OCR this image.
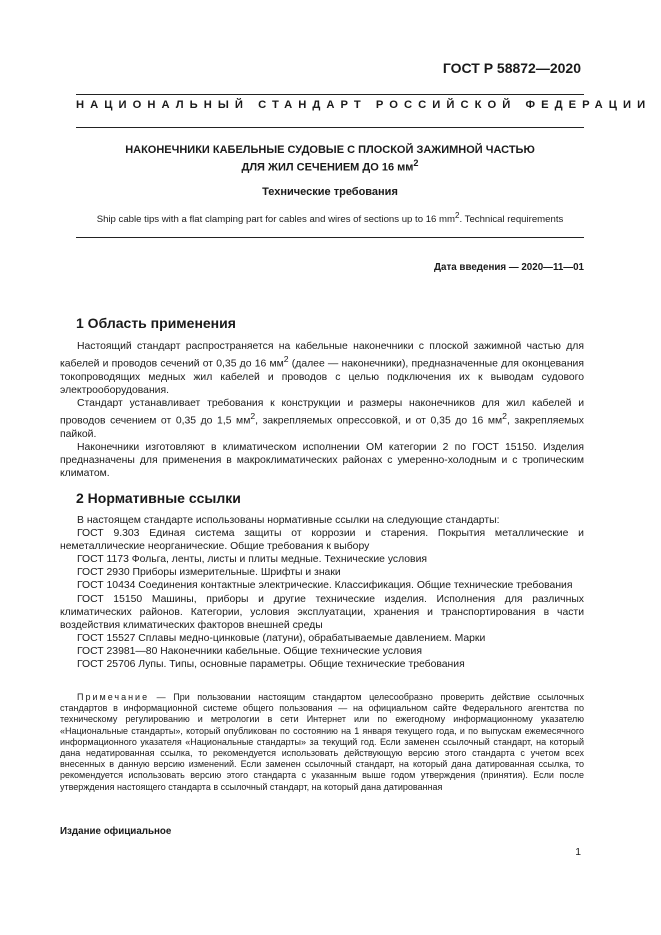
ГОСТ Р 58872—2020
НАЦИОНАЛЬНЫЙ СТАНДАРТ РОССИЙСКОЙ ФЕДЕРАЦИИ
НАКОНЕЧНИКИ КАБЕЛЬНЫЕ СУДОВЫЕ С ПЛОСКОЙ ЗАЖИМНОЙ ЧАСТЬЮ
ДЛЯ ЖИЛ СЕЧЕНИЕМ ДО 16 $мм^2$
Технические требования
Ship cable tips with a flat clamping part for cables and wires of sections up to 16 $mm^2$. Technical requirements
Дата введения — 2020—11—01
1 Область применения

Настоящий стандарт распространяется на кабельные наконечники с плоской зажимной частью для кабелей и проводов сечений от 0,35 до 16 $мм^2$ (далее — наконечники), предназначенные для оконцевания токопроводящих медных жил кабелей и проводов с целью подключения их к выводам судового электрооборудования.

Стандарт устанавливает требования к конструкции и размеры наконечников для жил кабелей и проводов сечением от 0,35 до 1,5 $мм^2$, закрепляемых опрессовкой, и от 0,35 до 16 $мм^2$, закрепляемых пайкой.

Наконечники изготовляют в климатическом исполнении ОМ категории 2 по ГОСТ 15150. Изделия предназначены для применения в макроклиматических районах с умеренно-холодным и с тропическим климатом.

2 Нормативные ссылки

В настоящем стандарте использованы нормативные ссылки на следующие стандарты:

ГОСТ 9.303 Единая система защиты от коррозии и старения. Покрытия металлические и неметаллические неорганические. Общие требования к выбору

ГОСТ 1173 Фольга, ленты, листы и плиты медные. Технические условия

ГОСТ 2930 Приборы измерительные. Шрифты и знаки

ГОСТ 10434 Соединения контактные электрические. Классификация. Общие технические требования

ГОСТ 15150 Машины, приборы и другие технические изделия. Исполнения для различных климатических районов. Категории, условия эксплуатации, хранения и транспортирования в части воздействия климатических факторов внешней среды

ГОСТ 15527 Сплавы медно-цинковые (латуни), обрабатываемые давлением. Марки

ГОСТ 23981—80 Наконечники кабельные. Общие технические условия

ГОСТ 25706 Лупы. Типы, основные параметры. Общие технические требования

Примечание — При пользовании настоящим стандартом целесообразно проверить действие ссылочных стандартов в информационной системе общего пользования — на официальном сайте Федерального агентства по техническому регулированию и метрологии в сети Интернет или по ежегодному информационному указателю «Национальные стандарты», который опубликован по состоянию на 1 января текущего года, и по выпускам ежемесячного информационного указателя «Национальные стандарты» за текущий год. Если заменен ссылочный стандарт, на который дана недатированная ссылка, то рекомендуется использовать действующую версию этого стандарта с учетом всех внесенных в данную версию изменений. Если заменен ссылочный стандарт, на который дана датированная ссылка, то рекомендуется использовать версию этого стандарта с указанным выше годом утверждения (принятия). Если после утверждения настоящего стандарта в ссылочный стандарт, на который дана датированная
Издание официальное
1
